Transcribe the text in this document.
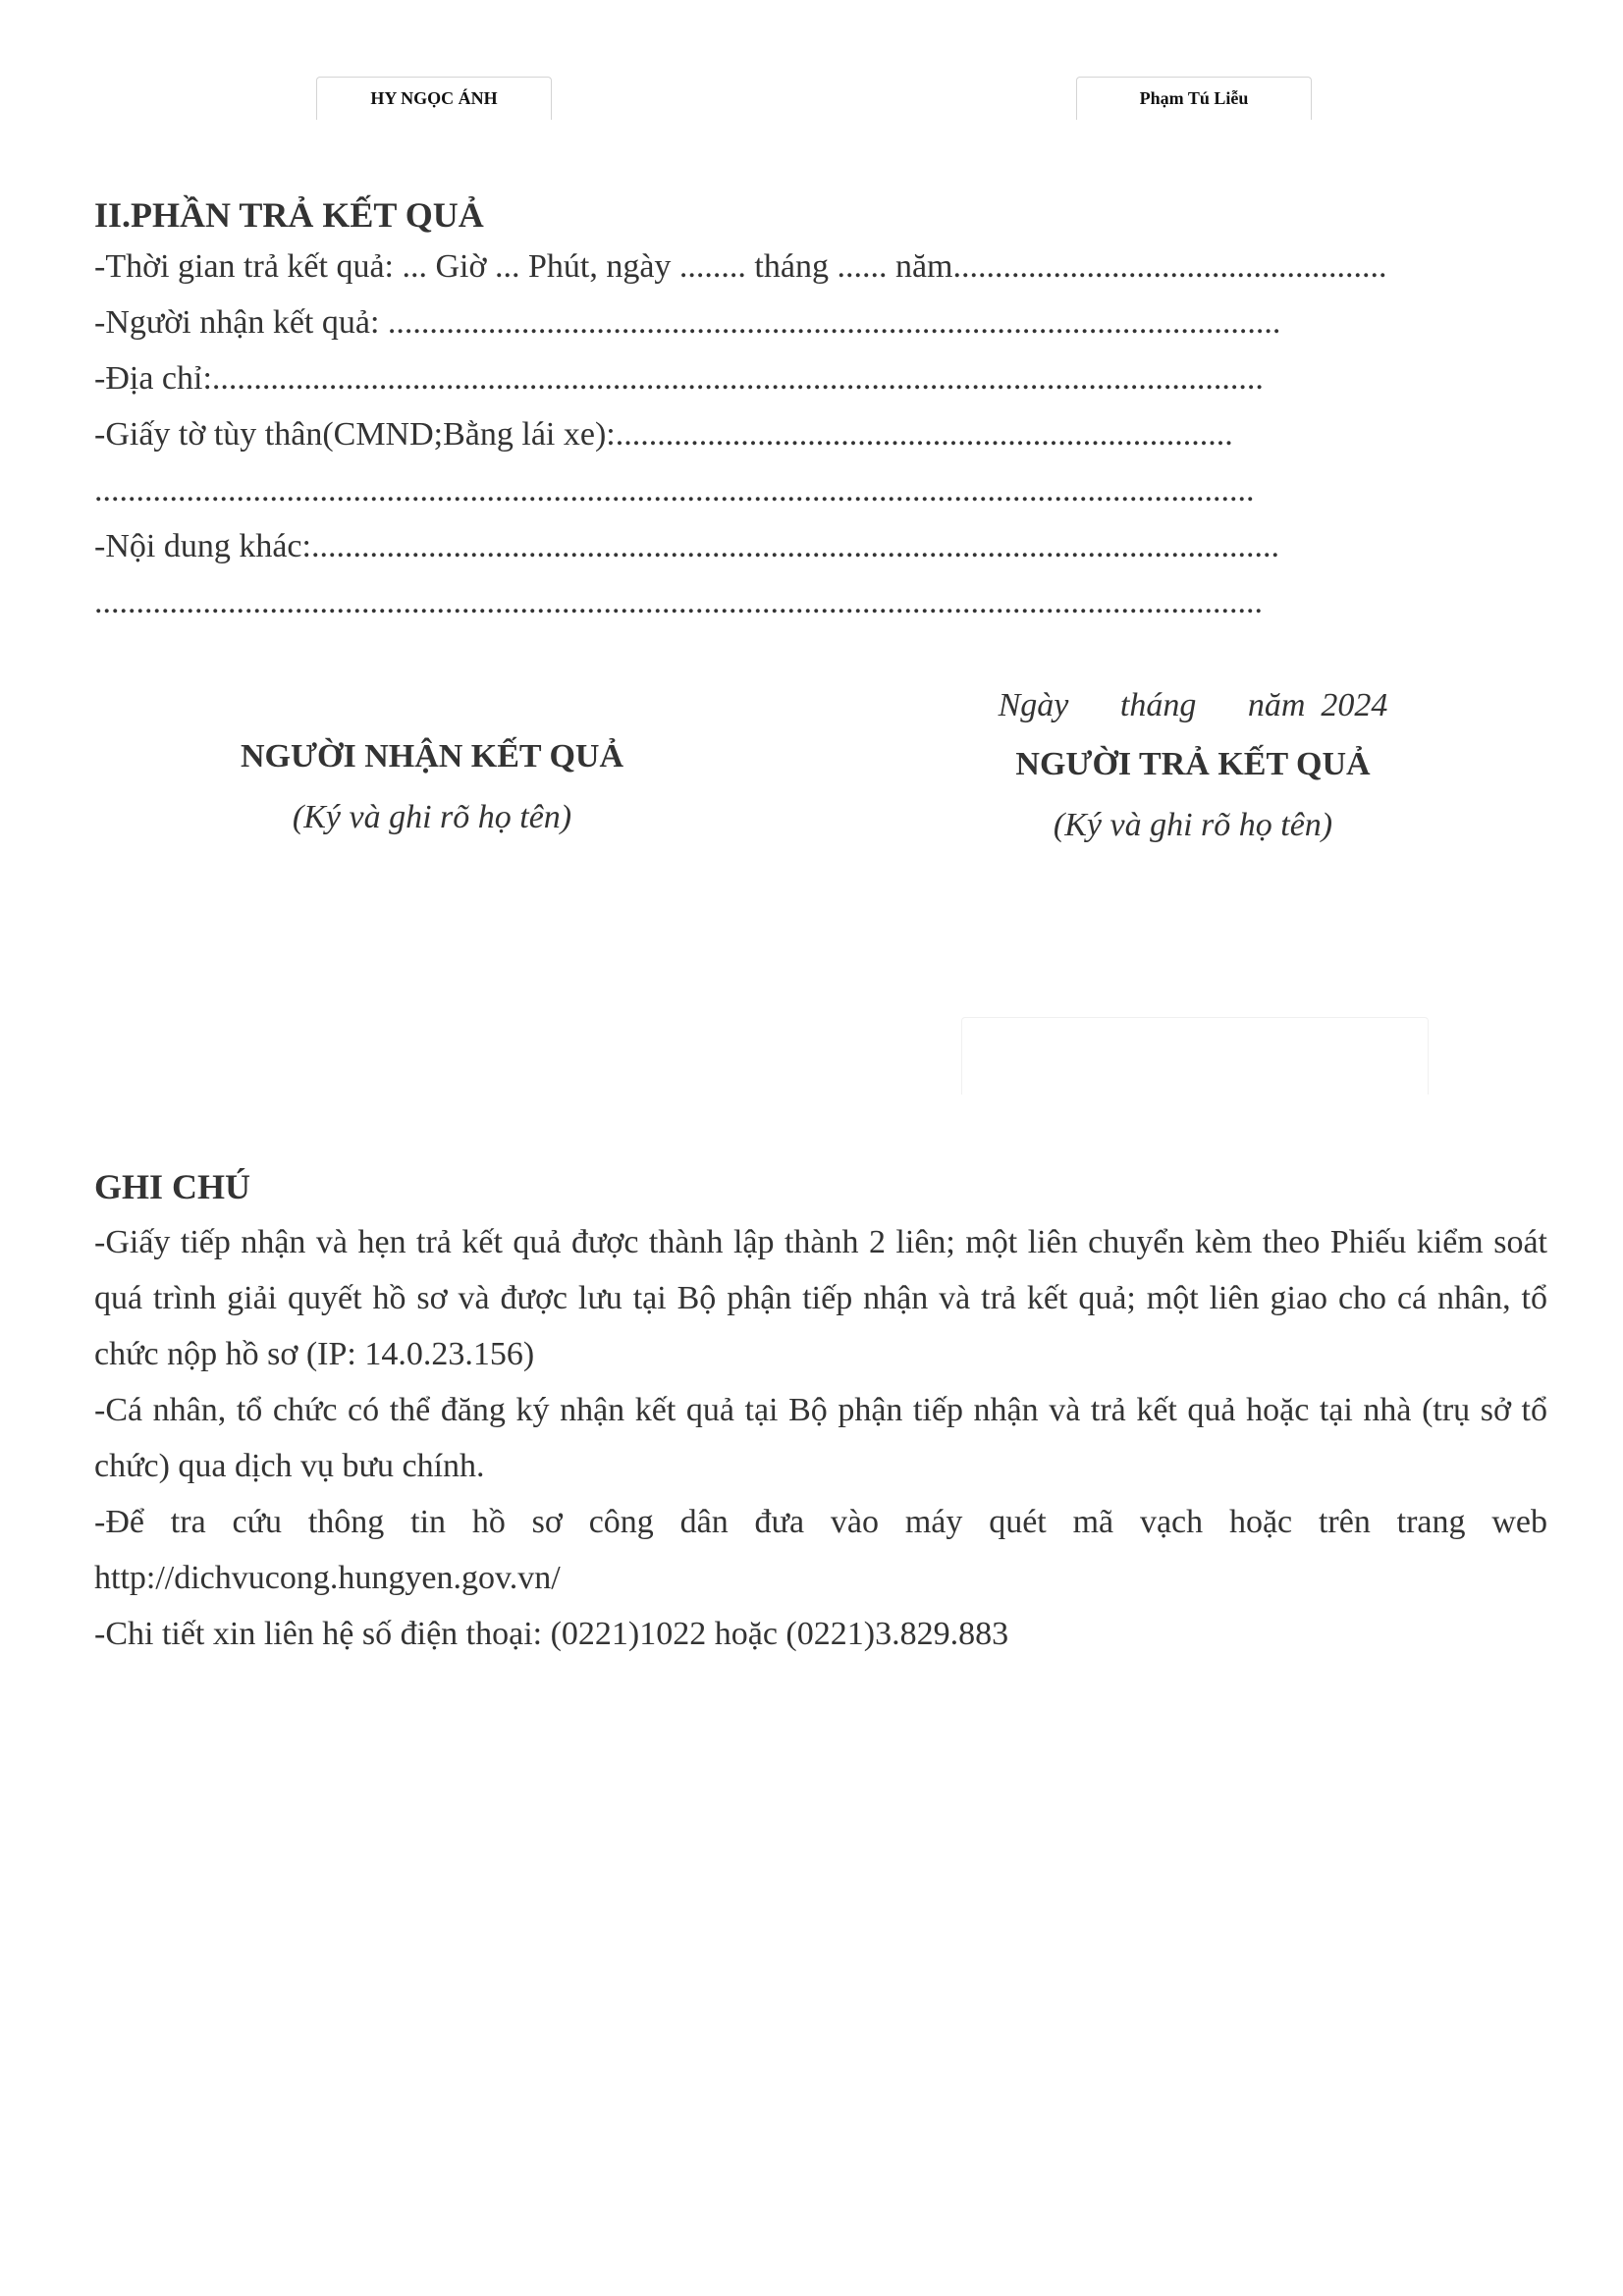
HY NGỌC ÁNH	Phạm Tú Liễu
II.PHẦN TRẢ KẾT QUẢ
-Thời gian trả kết quả: ... Giờ ... Phút, ngày ........ tháng ...... năm....................................................
-Người nhận kết quả: ...........................................................................................................
-Địa chỉ:..............................................................................................................................
-Giấy tờ tùy thân(CMND;Bằng lái xe):..........................................................................
...........................................................................................................................................
-Nội dung khác:....................................................................................................................
............................................................................................................................................
NGƯỜI NHẬN KẾT QUẢ
(Ký và ghi rõ họ tên)
Ngày tháng năm 2024
NGƯỜI TRẢ KẾT QUẢ
(Ký và ghi rõ họ tên)
GHI CHÚ

-Giấy tiếp nhận và hẹn trả kết quả được thành lập thành 2 liên; một liên chuyển kèm theo Phiếu kiểm soát quá trình giải quyết hồ sơ và được lưu tại Bộ phận tiếp nhận và trả kết quả; một liên giao cho cá nhân, tổ chức nộp hồ sơ (IP: 14.0.23.156)

-Cá nhân, tổ chức có thể đăng ký nhận kết quả tại Bộ phận tiếp nhận và trả kết quả hoặc tại nhà (trụ sở tổ chức) qua dịch vụ bưu chính.

-Để tra cứu thông tin hồ sơ công dân đưa vào máy quét mã vạch hoặc trên trang web http://dichvucong.hungyen.gov.vn/

-Chi tiết xin liên hệ số điện thoại: (0221)1022 hoặc (0221)3.829.883
